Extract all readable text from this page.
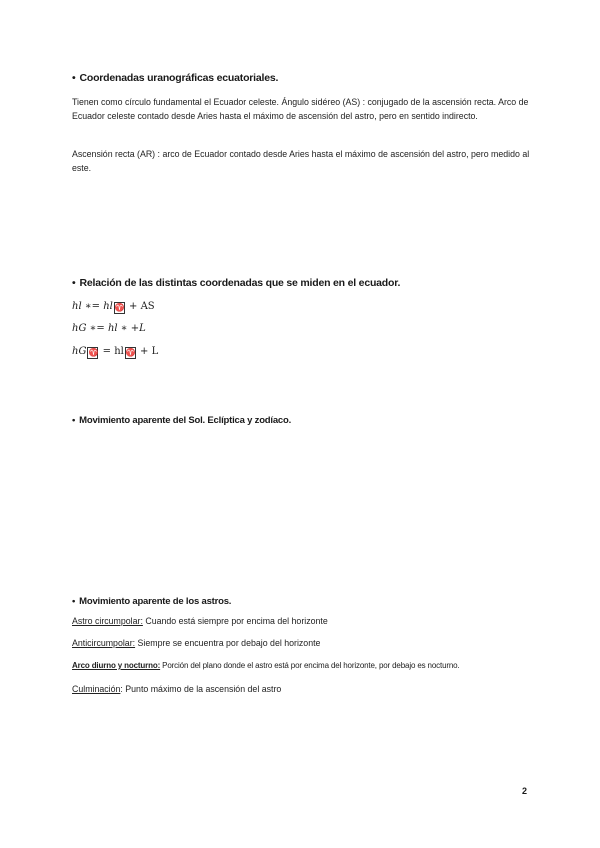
• Coordenadas uranográficas ecuatoriales.
Tienen como círculo fundamental el Ecuador celeste. Ángulo sidéreo (AS) : conjugado de la ascensión recta. Arco de Ecuador celeste contado desde Aries hasta el máximo de ascensión del astro, pero en sentido indirecto.
Ascensión recta (AR) : arco de Ecuador contado desde Aries hasta el máximo de ascensión del astro, pero medido al este.
• Relación de las distintas coordenadas que se miden en el ecuador.
hl ∗= hl ♈ + AS
hG ∗= hl ∗ +L
hG ♈ = hl ♈ + L
• Movimiento aparente del Sol. Eclíptica y zodíaco.
• Movimiento aparente de los astros.
Astro circumpolar: Cuando está siempre por encima del horizonte
Anticircumpolar: Siempre se encuentra por debajo del horizonte
Arco diurno y nocturno: Porción del plano donde el astro está por encima del horizonte, por debajo es nocturno.
Culminación: Punto máximo de la ascensión del astro
2
